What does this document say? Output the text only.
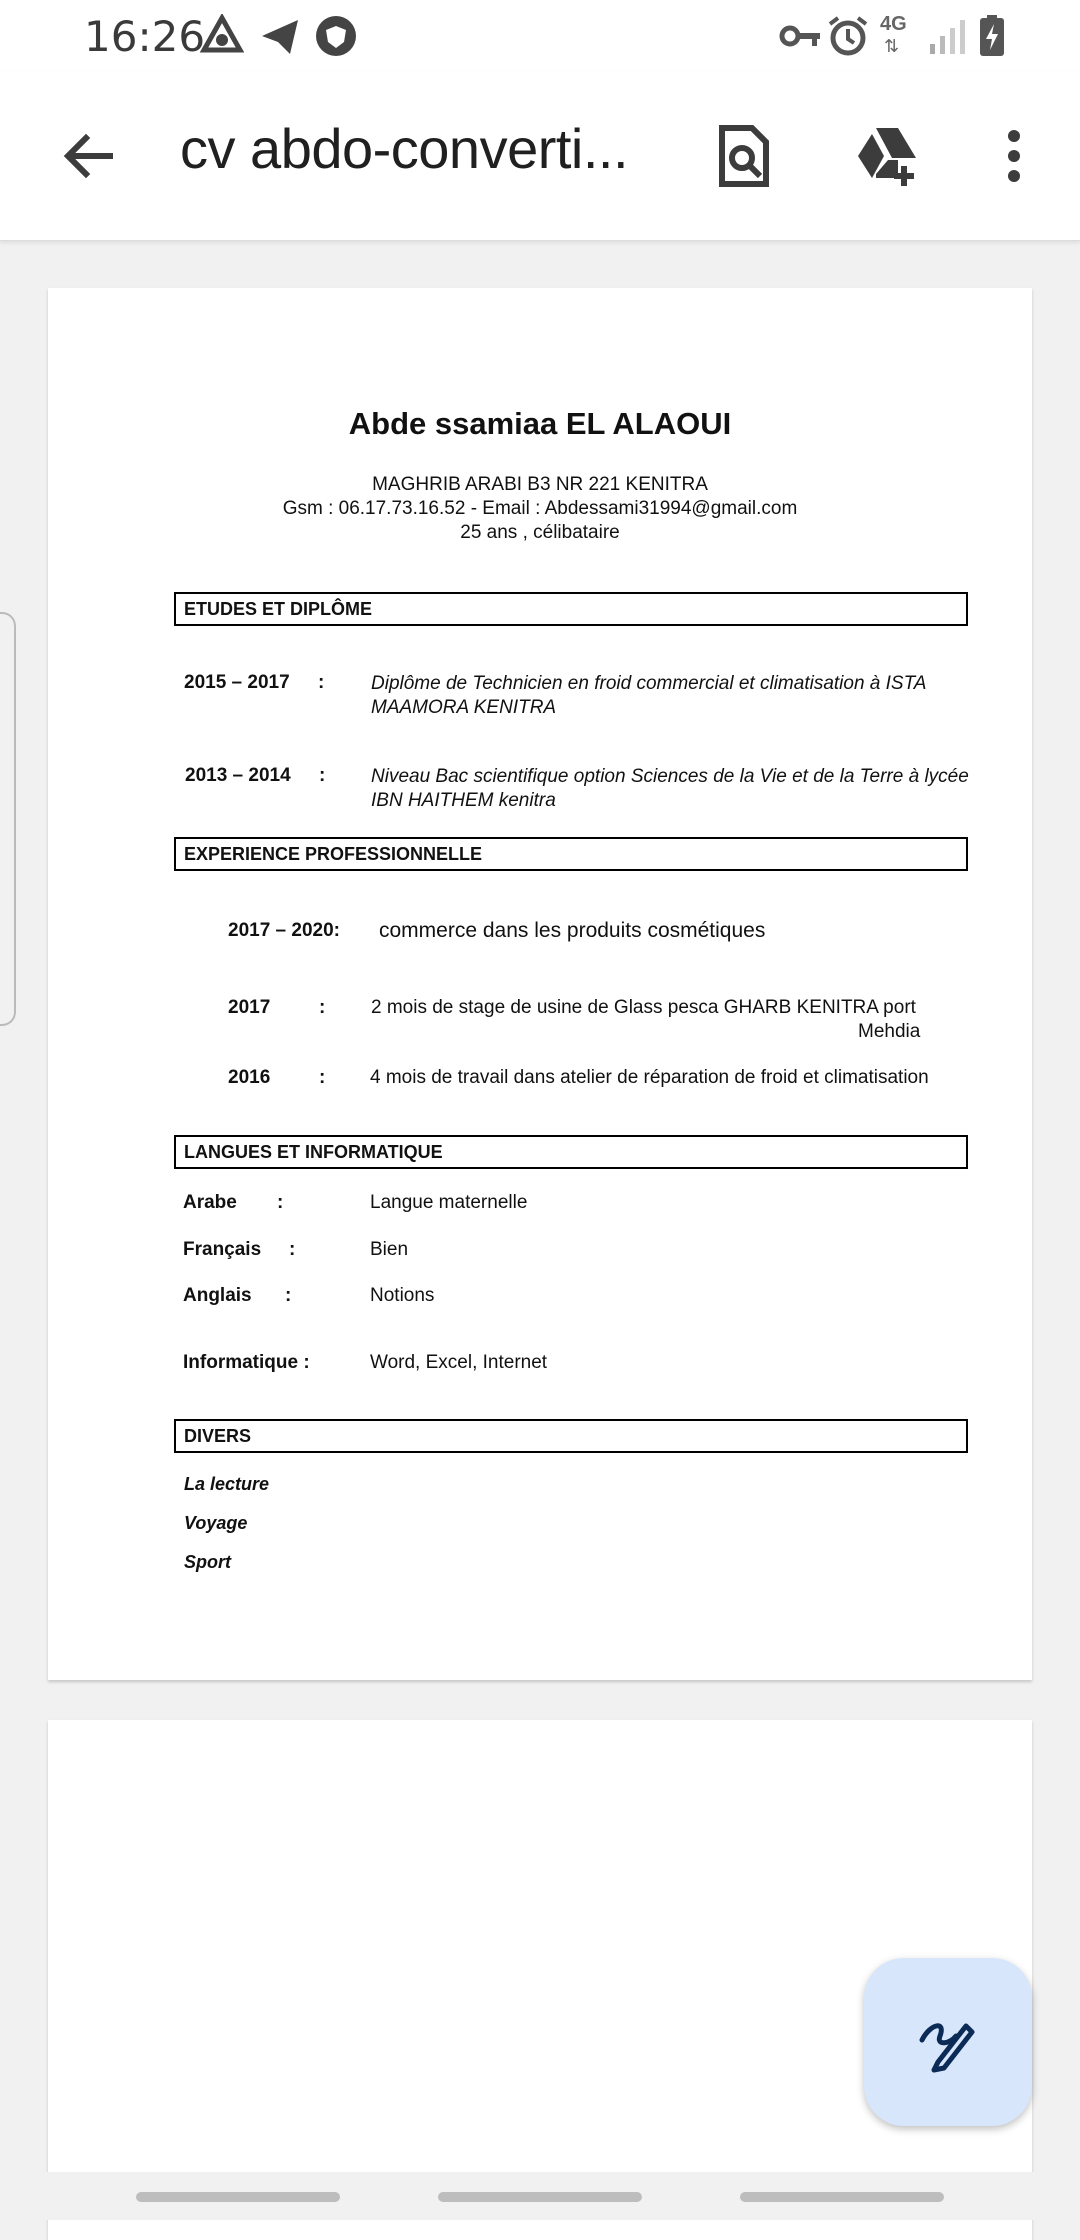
16:26	4G
⇅
cv abdo-converti...
Abde ssamiaa EL ALAOUI
MAGHRIB ARABI B3 NR 221 KENITRA
Gsm : 06.17.73.16.52 - Email : Abdessami31994@gmail.com
25 ans , célibataire
ETUDES ET DIPLÔME
2015 – 2017 : Diplôme de Technicien en froid commercial et climatisation à ISTA MAAMORA KENITRA
2013 – 2014 : Niveau Bac scientifique option Sciences de la Vie et de la Terre à lycée IBN HAITHEM kenitra
EXPERIENCE PROFESSIONNELLE
2017 – 2020: commerce dans les produits cosmétiques
2017	: 2 mois de stage de usine de Glass pesca GHARB KENITRA port
Mehdia
2016	: 4 mois de travail dans atelier de réparation de froid et climatisation
LANGUES ET INFORMATIQUE
Arabe :	Langue maternelle
Français :	Bien
Anglais :	Notions
Informatique :	Word, Excel, Internet
DIVERS
La lecture
Voyage
Sport
